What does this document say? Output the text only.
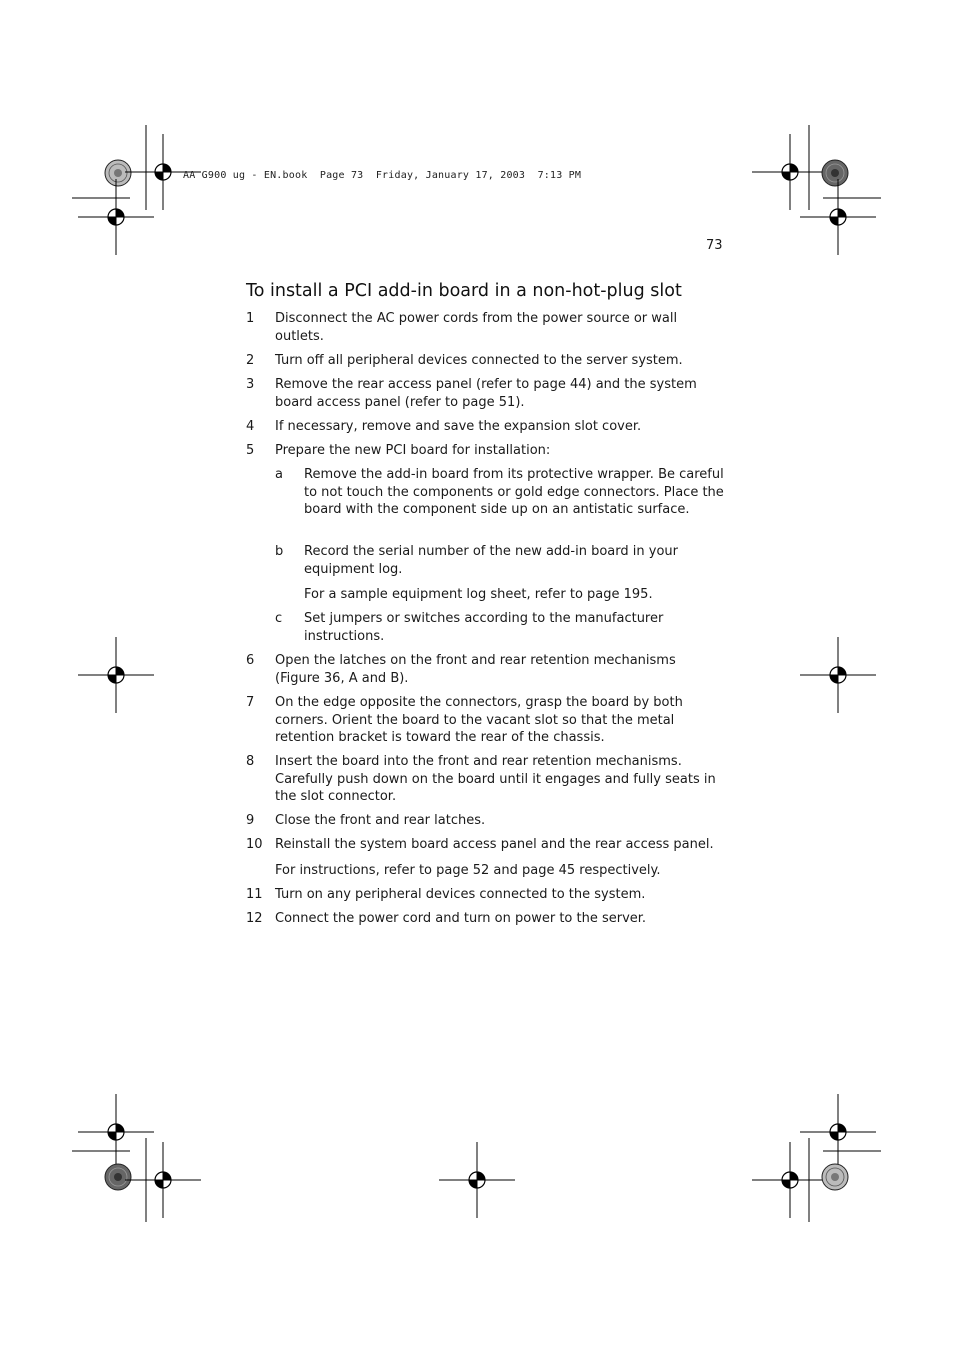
AA G900 ug - EN.book  Page 73  Friday, January 17, 2003  7:13 PM
73
To install a PCI add-in board in a non-hot-plug slot
1 Disconnect the AC power cords from the power source or wall outlets.
2 Turn off all peripheral devices connected to the server system.
3 Remove the rear access panel (refer to page 44) and the system board access panel (refer to page 51).
4 If necessary, remove and save the expansion slot cover.
5 Prepare the new PCI board for installation:
a Remove the add-in board from its protective wrapper. Be careful to not touch the components or gold edge connectors. Place the board with the component side up on an antistatic surface.
b Record the serial number of the new add-in board in your equipment log.
For a sample equipment log sheet, refer to page 195.
c Set jumpers or switches according to the manufacturer instructions.
6 Open the latches on the front and rear retention mechanisms (Figure 36, A and B).
7 On the edge opposite the connectors, grasp the board by both corners. Orient the board to the vacant slot so that the metal retention bracket is toward the rear of the chassis.
8 Insert the board into the front and rear retention mechanisms. Carefully push down on the board until it engages and fully seats in the slot connector.
9 Close the front and rear latches.
10 Reinstall the system board access panel and the rear access panel.
For instructions, refer to page 52 and page 45 respectively.
11 Turn on any peripheral devices connected to the system.
12 Connect the power cord and turn on power to the server.
